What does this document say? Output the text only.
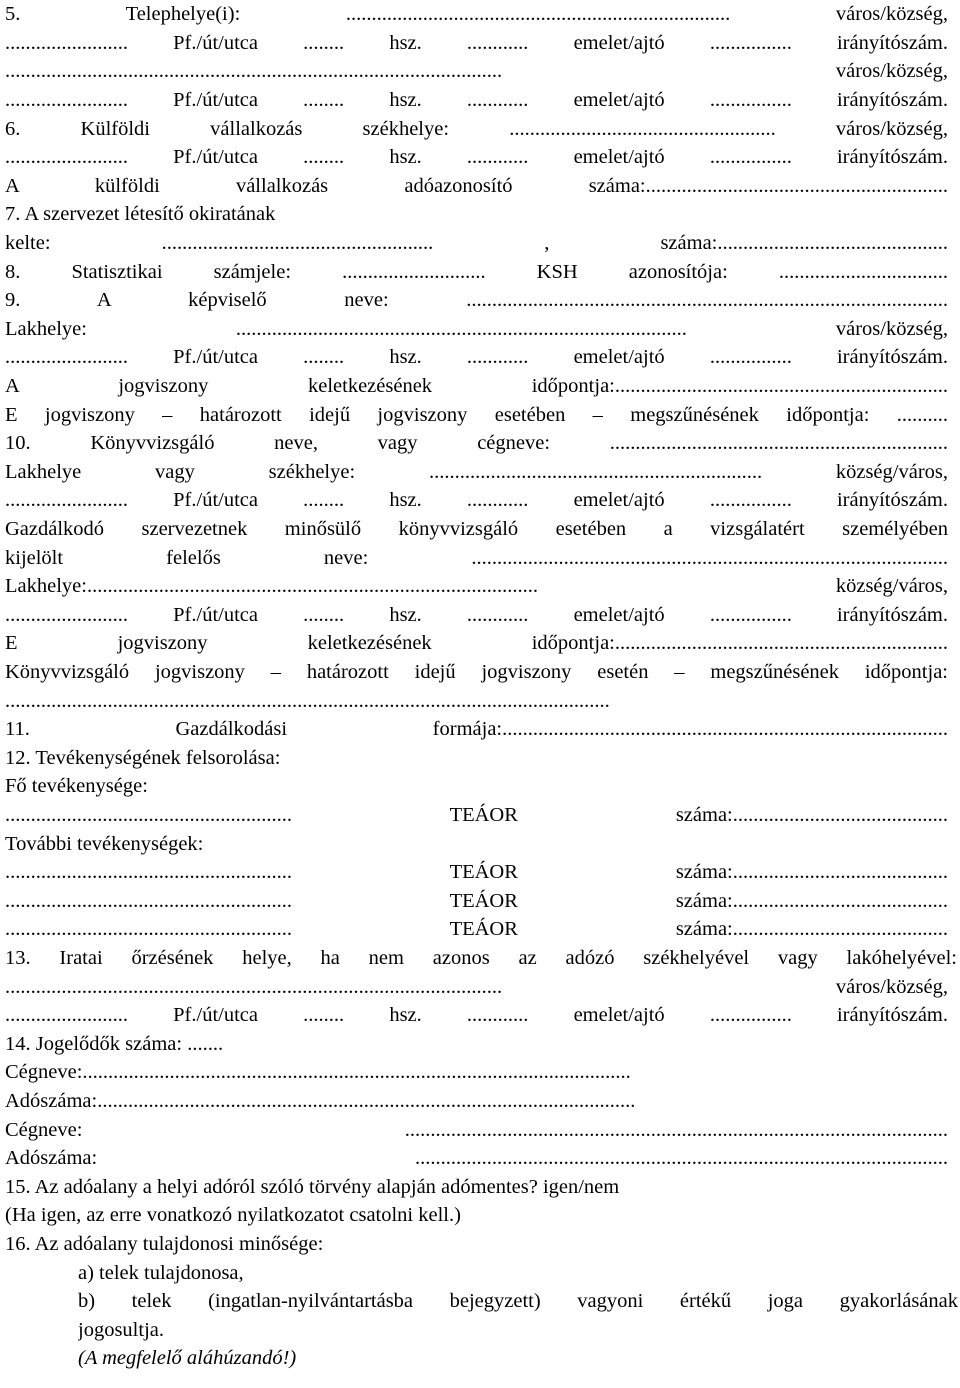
5. Telephelye(i): ........................................................................... város/község,
........................ Pf./út/utca ........ hsz. ............ emelet/ajtó ................ irányítószám.
................................................................................................. város/község,
........................ Pf./út/utca ........ hsz. ............ emelet/ajtó ................ irányítószám.
6. Külföldi vállalkozás székhelye: .................................................... város/község,
........................ Pf./út/utca ........ hsz. ............ emelet/ajtó ................ irányítószám.
A külföldi vállalkozás adóazonosító száma:...........................................................
7. A szervezet létesítő okiratának
kelte: ..................................................... , száma:.............................................
8. Statisztikai számjele: ............................ KSH azonosítója: .................................
9. A képviselő neve: ..............................................................................................
Lakhelye: ........................................................................................ város/község,
........................ Pf./út/utca ........ hsz. ............ emelet/ajtó ................ irányítószám.
A jogviszony keletkezésének időpontja:.................................................................
E jogviszony – határozott idejű jogviszony esetében – megszűnésének időpontja: ..........
10. Könyvvizsgáló neve, vagy cégneve: ..................................................................
Lakhelye vagy székhelye: ................................................................. község/város,
........................ Pf./út/utca ........ hsz. ............ emelet/ajtó ................ irányítószám.
Gazdálkodó szervezetnek minősülő könyvvizsgáló esetében a vizsgálatért személyében
kijelölt felelős neve: .............................................................................................
Lakhelye:........................................................................................ község/város,
........................ Pf./út/utca ........ hsz. ............ emelet/ajtó ................ irányítószám.
E jogviszony keletkezésének időpontja:.................................................................
Könyvvizsgáló jogviszony – határozott idejű jogviszony esetén – megszűnésének időpontja:
......................................................................................................................
11. Gazdálkodási formája:.......................................................................................
12. Tevékenységének felsorolása:
Fő tevékenysége:
........................................................ TEÁOR száma:..........................................
További tevékenységek:
........................................................ TEÁOR száma:..........................................
........................................................ TEÁOR száma:..........................................
........................................................ TEÁOR száma:..........................................
13. Iratai őrzésének helye, ha nem azonos az adózó székhelyével vagy lakóhelyével:
................................................................................................. város/község,
........................ Pf./út/utca ........ hsz. ............ emelet/ajtó ................ irányítószám.
14. Jogelődők száma: .......
Cégneve:...........................................................................................................
Adószáma:.........................................................................................................
Cégneve: ..........................................................................................................
Adószáma: ........................................................................................................
15. Az adóalany a helyi adóról szóló törvény alapján adómentes? igen/nem
(Ha igen, az erre vonatkozó nyilatkozatot csatolni kell.)
16. Az adóalany tulajdonosi minősége:
a) telek tulajdonosa,
b) telek (ingatlan-nyilvántartásba bejegyzett) vagyoni értékű joga gyakorlásának
jogosultja.
(A megfelelő aláhúzandó!)
